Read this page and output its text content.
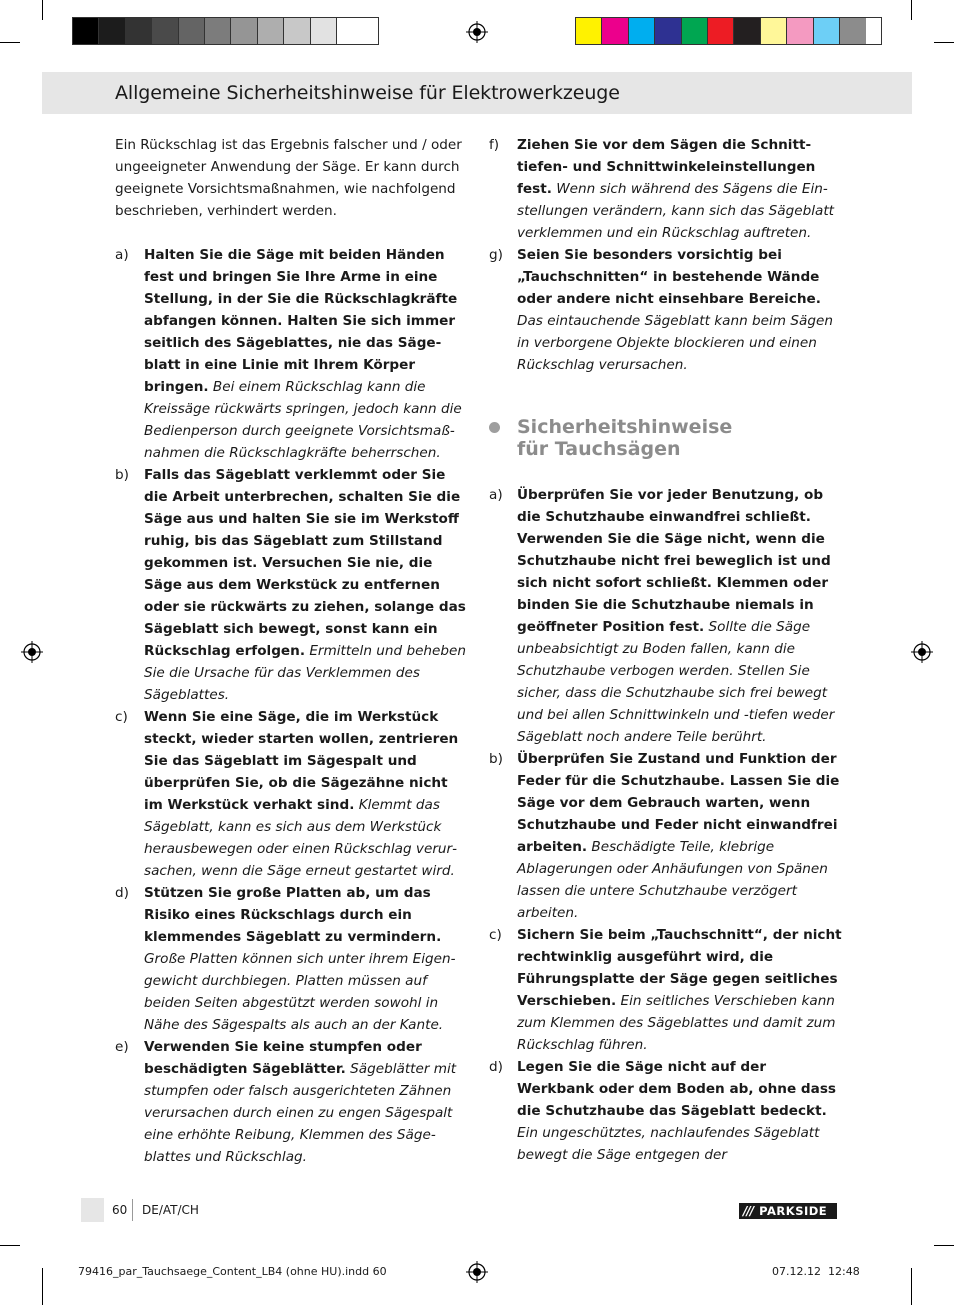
Allgemeine Sicherheitshinweise für Elektrowerkzeuge

Ein Rückschlag ist das Ergebnis falscher und / oder ungeeigneter Anwendung der Säge. Er kann durch geeignete Vorsichtsmaßnahmen, wie nachfolgend beschrieben, verhindert werden.

a) Halten Sie die Säge mit beiden Händen fest und bringen Sie Ihre Arme in eine Stellung, in der Sie die Rückschlagkräfte abfangen können. Halten Sie sich immer seitlich des Sägeblattes, nie das Sägeblatt in eine Linie mit Ihrem Körper bringen. Bei einem Rückschlag kann die Kreissäge rückwärts springen, jedoch kann die Bedienperson durch geeignete Vorsichtsmaßnahmen die Rückschlagkräfte beherrschen.

b) Falls das Sägeblatt verklemmt oder Sie die Arbeit unterbrechen, schalten Sie die Säge aus und halten Sie sie im Werkstoff ruhig, bis das Sägeblatt zum Stillstand gekommen ist. Versuchen Sie nie, die Säge aus dem Werkstück zu entfernen oder sie rückwärts zu ziehen, solange das Sägeblatt sich bewegt, sonst kann ein Rückschlag erfolgen. Ermitteln und beheben Sie die Ursache für das Verklemmen des Sägeblattes.

c) Wenn Sie eine Säge, die im Werkstück steckt, wieder starten wollen, zentrieren Sie das Sägeblatt im Sägespalt und überprüfen Sie, ob die Sägezähne nicht im Werkstück verhakt sind. Klemmt das Sägeblatt, kann es sich aus dem Werkstück herausbewegen oder einen Rückschlag verursachen, wenn die Säge erneut gestartet wird.

d) Stützen Sie große Platten ab, um das Risiko eines Rückschlags durch ein klemmendes Sägeblatt zu vermindern. Große Platten können sich unter ihrem Eigengewicht durchbiegen. Platten müssen auf beiden Seiten abgestützt werden sowohl in Nähe des Sägespalts als auch an der Kante.

e) Verwenden Sie keine stumpfen oder beschädigten Sägeblätter. Sägeblätter mit stumpfen oder falsch ausgerichteten Zähnen verursachen durch einen zu engen Sägespalt eine erhöhte Reibung, Klemmen des Sägeblattes und Rückschlag.

f) Ziehen Sie vor dem Sägen die Schnitttiefen- und Schnittwinkeleinstellungen fest. Wenn sich während des Sägens die Einstellungen verändern, kann sich das Sägeblatt verklemmen und ein Rückschlag auftreten.

g) Seien Sie besonders vorsichtig bei „Tauchschnitten“ in bestehende Wände oder andere nicht einsehbare Bereiche. Das eintauchende Sägeblatt kann beim Sägen in verborgene Objekte blockieren und einen Rückschlag verursachen.

Sicherheitshinweise
für Tauchsägen

a) Überprüfen Sie vor jeder Benutzung, ob die Schutzhaube einwandfrei schließt. Verwenden Sie die Säge nicht, wenn die Schutzhaube nicht frei beweglich ist und sich nicht sofort schließt. Klemmen oder binden Sie die Schutzhaube niemals in geöffneter Position fest. Sollte die Säge unbeabsichtigt zu Boden fallen, kann die Schutzhaube verbogen werden. Stellen Sie sicher, dass die Schutzhaube sich frei bewegt und bei allen Schnittwinkeln und -tiefen weder Sägeblatt noch andere Teile berührt.

b) Überprüfen Sie Zustand und Funktion der Feder für die Schutzhaube. Lassen Sie die Säge vor dem Gebrauch warten, wenn Schutzhaube und Feder nicht einwandfrei arbeiten. Beschädigte Teile, klebrige Ablagerungen oder Anhäufungen von Spänen lassen die untere Schutzhaube verzögert arbeiten.

c) Sichern Sie beim „Tauchschnitt“, der nicht rechtwinklig ausgeführt wird, die Führungsplatte der Säge gegen seitliches Verschieben. Ein seitliches Verschieben kann zum Klemmen des Sägeblattes und damit zum Rückschlag führen.

d) Legen Sie die Säge nicht auf der Werkbank oder dem Boden ab, ohne dass die Schutzhaube das Sägeblatt bedeckt. Ein ungeschütztes, nachlaufendes Sägeblatt bewegt die Säge entgegen der

60 DE/AT/CH	/// PARKSIDE
79416_par_Tauchsaege_Content_LB4 (ohne HU).indd 60	07.12.12 12:48
